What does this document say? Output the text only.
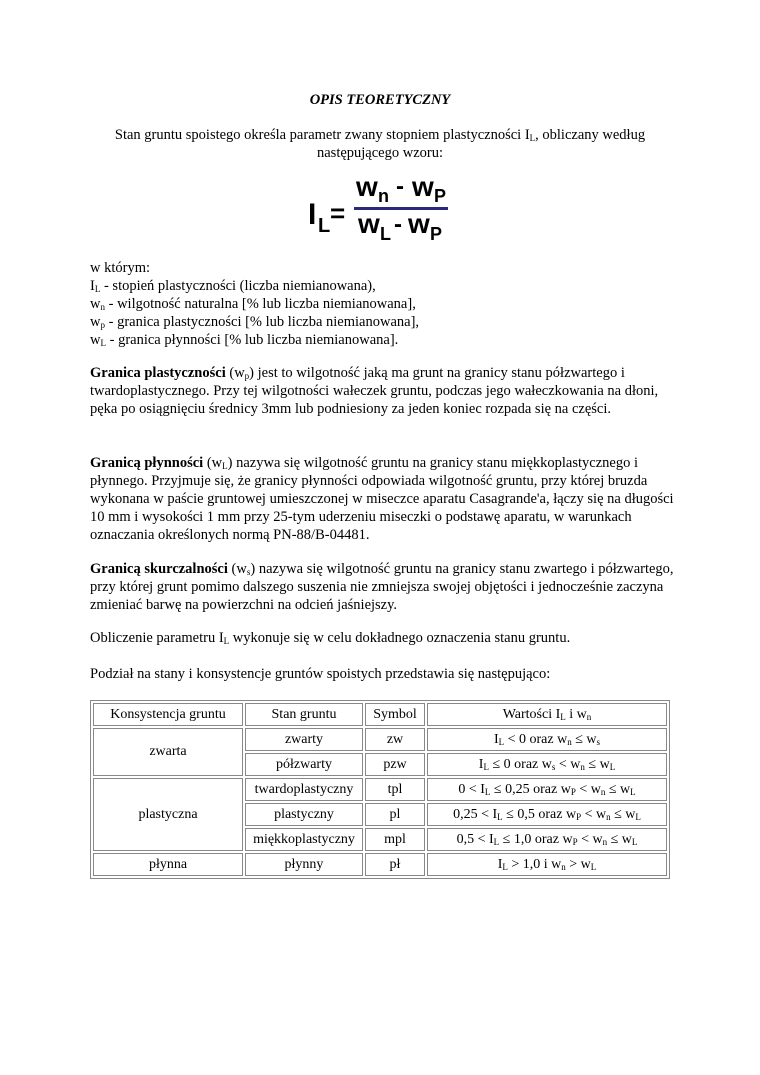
OPIS TEORETYCZNY
Stan gruntu spoistego określa parametr zwany stopniem plastyczności $I_L$, obliczany według następującego wzoru:
I L =
w n - w P
w L - w P
w którym:
$I_L$ - stopień plastyczności (liczba niemianowana),
$w_n$ - wilgotność naturalna [% lub liczba niemianowana],
$w_p$ - granica plastyczności [% lub liczba niemianowana],
$w_L$ - granica płynności [% lub liczba niemianowana].
Granica plastyczności $(w_p)$ jest to wilgotność jaką ma grunt na granicy stanu półzwartego i twardoplastycznego. Przy tej wilgotności wałeczek gruntu, podczas jego wałeczkowania na dłoni, pęka po osiągnięciu średnicy 3mm lub podniesiony za jeden koniec rozpada się na części.
Granicą płynności $(w_L)$ nazywa się wilgotność gruntu na granicy stanu miękkoplastycznego i płynnego. Przyjmuje się, że granicy płynności odpowiada wilgotność gruntu, przy której bruzda wykonana w paście gruntowej umieszczonej w miseczce aparatu Casagrande'a, łączy się na długości 10 mm i wysokości 1 mm przy 25-tym uderzeniu miseczki o podstawę aparatu, w warunkach oznaczania określonych normą PN-88/B-04481.
Granicą skurczalności $(w_s)$ nazywa się wilgotność gruntu na granicy stanu zwartego i półzwartego, przy której grunt pomimo dalszego suszenia nie zmniejsza swojej objętości i jednocześnie zaczyna zmieniać barwę na powierzchni na odcień jaśniejszy.
Obliczenie parametru $I_L$ wykonuje się w celu dokładnego oznaczenia stanu gruntu.
Podział na stany i konsystencje gruntów spoistych przedstawia się następująco:
Konsystencja gruntu	Stan gruntu	Symbol	Wartości $I_L$ i $w_n$
zwarta	zwarty	zw	$I_L < 0$ oraz $w_n \le w_s$
	półzwarty	pzw	$I_L \le 0$ oraz $w_s < w_n \le w_L$
plastyczna	twardoplastyczny	tpl	$0 < I_L \le 0,25$ oraz $w_P < w_n \le w_L$
	plastyczny	pl	$0,25 < I_L \le 0,5$ oraz $w_P < w_n \le w_L$
	miękkoplastyczny	mpl	$0,5 < I_L \le 1,0$ oraz $w_P < w_n \le w_L$
płynna	płynny	pł	$I_L > 1,0$ i $w_n > w_L$
